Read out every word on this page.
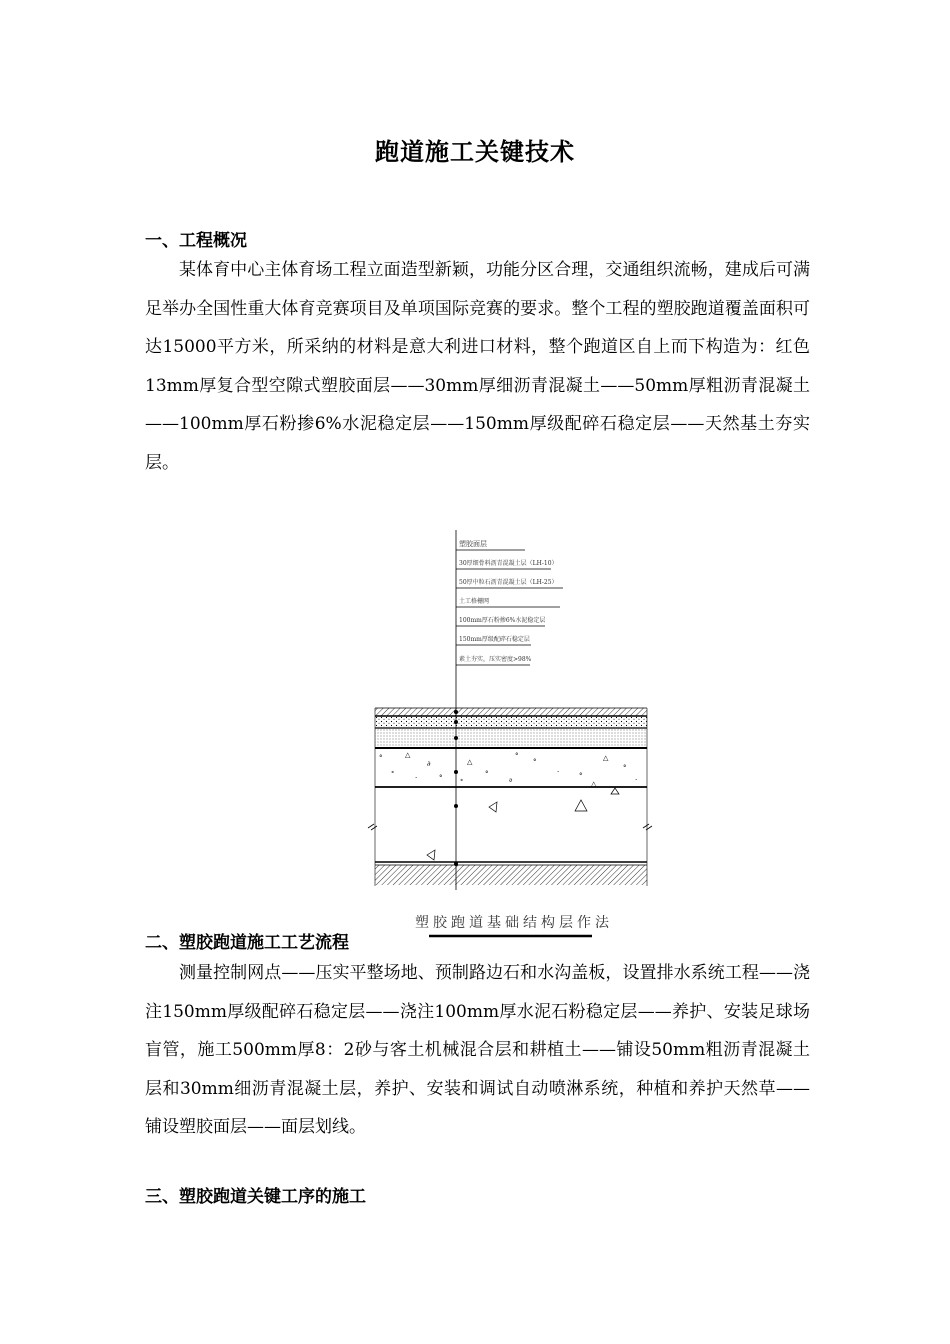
跑道施工关键技术
一、工程概况

某体育中心主体育场工程立面造型新颖，功能分区合理，交通组织流畅，建成后可满足举办全国性重大体育竞赛项目及单项国际竞赛的要求。整个工程的塑胶跑道覆盖面积可达15000平方米，所采纳的材料是意大利进口材料，整个跑道区自上而下构造为：红色13mm厚复合型空隙式塑胶面层——30mm厚细沥青混凝土——50mm厚粗沥青混凝土——100mm厚石粉掺6%水泥稳定层——150mm厚级配碎石稳定层——天然基土夯实层。

塑胶面层
30厚细骨料沥青混凝土层（LH-10）
50厚中粒石沥青混凝土层（LH-25）
土工格栅网
100mm厚石粉掺6%水泥稳定层
150mm厚级配碎石稳定层
素土夯实，压实密度>98%
°	△
∂
∘	.	°
△
°
ª
°
.
°
△
°
.
°
∘	△
塑胶跑道基础结构层作法
二、塑胶跑道施工工艺流程

测量控制网点——压实平整场地、预制路边石和水沟盖板，设置排水系统工程——浇注150mm厚级配碎石稳定层——浇注100mm厚水泥石粉稳定层——养护、安装足球场盲管，施工500mm厚8：2砂与客土机械混合层和耕植土——铺设50mm粗沥青混凝土层和30mm细沥青混凝土层，养护、安装和调试自动喷淋系统，种植和养护天然草——铺设塑胶面层——面层划线。

三、塑胶跑道关键工序的施工
